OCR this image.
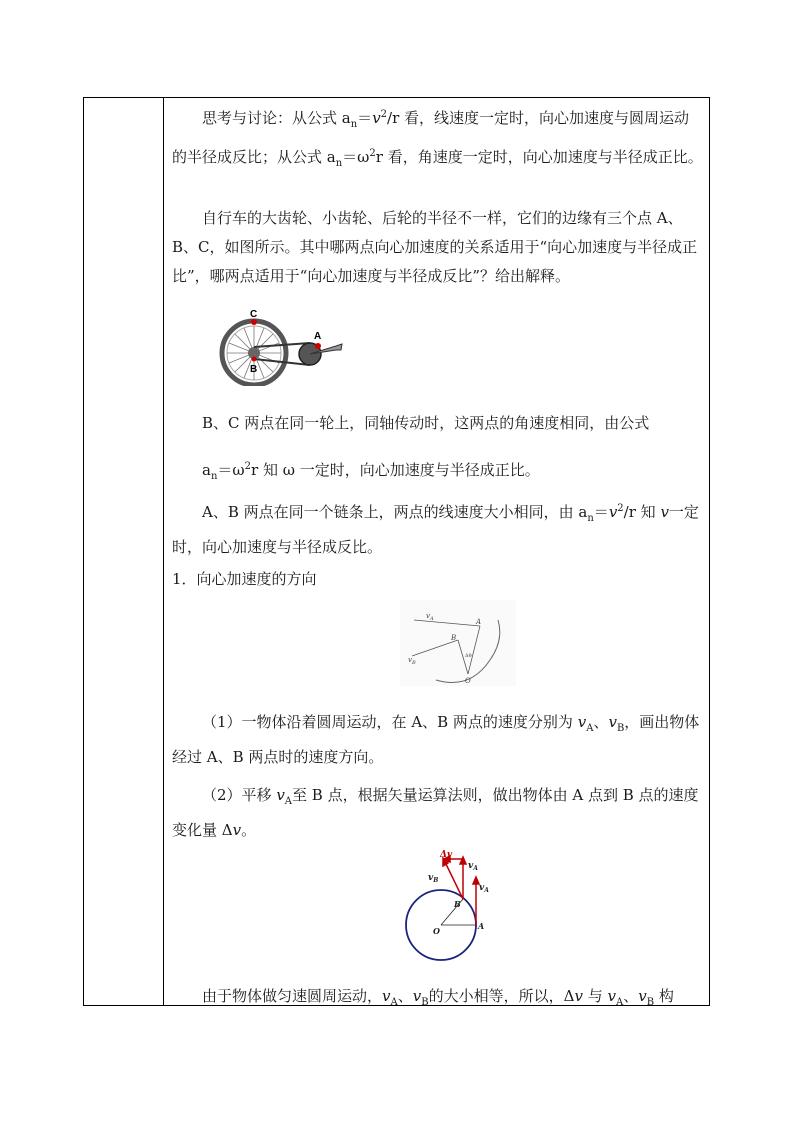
思考与讨论：从公式 $a_n=v^2/r$ 看，线速度一定时，向心加速度与圆周运动的半径成反比；从公式 $a_n=\omega^2r$ 看，角速度一定时，向心加速度与半径成正比。
自行车的大齿轮、小齿轮、后轮的半径不一样，它们的边缘有三个点 A、B、C，如图所示。其中哪两点向心加速度的关系适用于“向心加速度与半径成正比”，哪两点适用于“向心加速度与半径成反比”？给出解释。
C
A
B
B、C 两点在同一轮上，同轴传动时，这两点的角速度相同，由公式
$a_n=\omega^2r$ 知 ω 一定时，向心加速度与半径成正比。
A、B 两点在同一个链条上，两点的线速度大小相同，由 $a_n=v^2/r$ 知 v一定时，向心加速度与半径成反比。
1．向心加速度的方向
$v_A$
$v_B$
A
B
O
Δθ
（1）一物体沿着圆周运动，在 A、B 两点的速度分别为 $v_A$、$v_B$，画出物体经过 A、B 两点时的速度方向。
（2）平移 $v_A$至 B 点，根据矢量运算法则，做出物体由 A 点到 B 点的速度变化量 Δv。
Δv
$v_A$
$v_A$
$v_B$
B
O	A
由于物体做匀速圆周运动，$v_A$、$v_B$的大小相等，所以，Δv 与 $v_A$、$v_B$ 构
